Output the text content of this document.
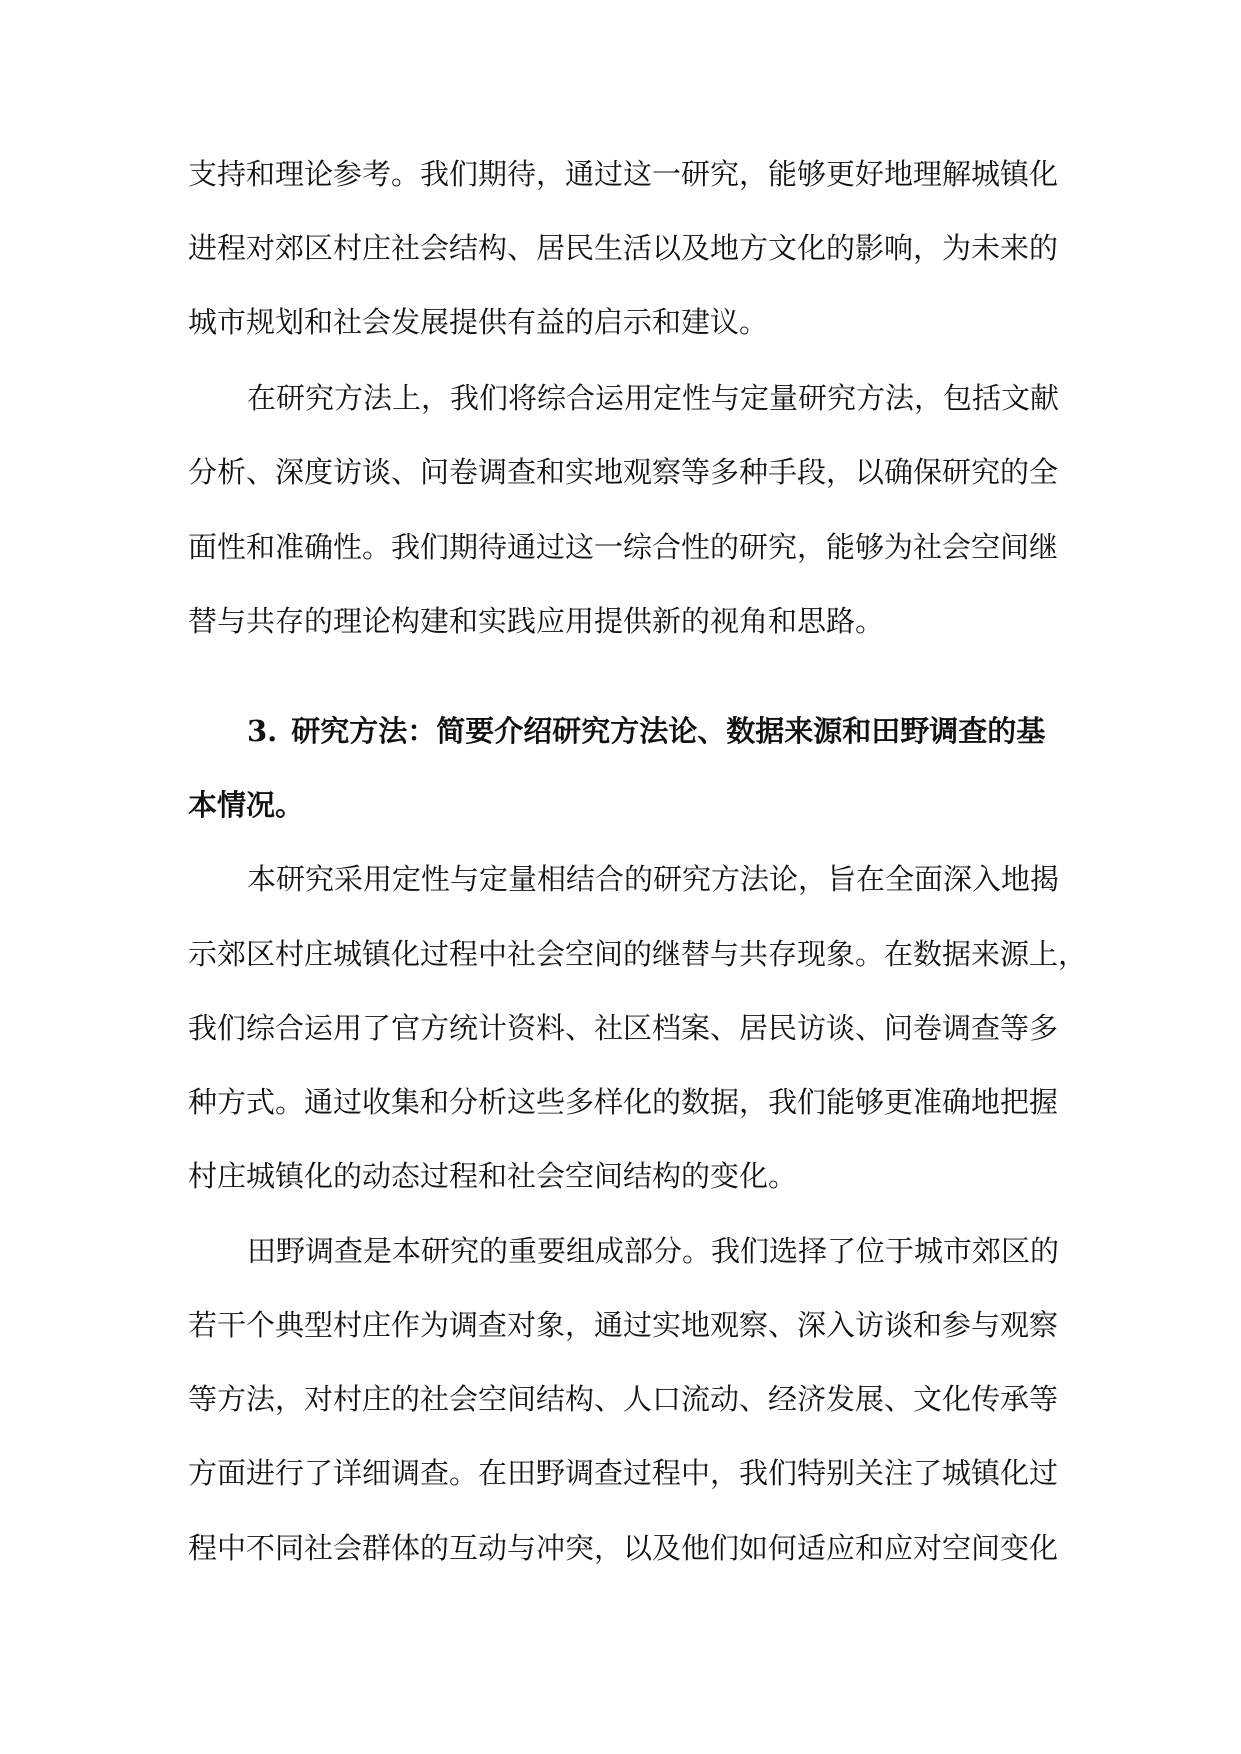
支持和理论参考。我们期待，通过这一研究，能够更好地理解城镇化
进程对郊区村庄社会结构、居民生活以及地方文化的影响，为未来的
城市规划和社会发展提供有益的启示和建议。
在研究方法上，我们将综合运用定性与定量研究方法，包括文献
分析、深度访谈、问卷调查和实地观察等多种手段，以确保研究的全
面性和准确性。我们期待通过这一综合性的研究，能够为社会空间继
替与共存的理论构建和实践应用提供新的视角和思路。
3. 研究方法：简要介绍研究方法论、数据来源和田野调查的基
本情况。
本研究采用定性与定量相结合的研究方法论，旨在全面深入地揭
示郊区村庄城镇化过程中社会空间的继替与共存现象。在数据来源上，
我们综合运用了官方统计资料、社区档案、居民访谈、问卷调查等多
种方式。通过收集和分析这些多样化的数据，我们能够更准确地把握
村庄城镇化的动态过程和社会空间结构的变化。
田野调查是本研究的重要组成部分。我们选择了位于城市郊区的
若干个典型村庄作为调查对象，通过实地观察、深入访谈和参与观察
等方法，对村庄的社会空间结构、人口流动、经济发展、文化传承等
方面进行了详细调查。在田野调查过程中，我们特别关注了城镇化过
程中不同社会群体的互动与冲突，以及他们如何适应和应对空间变化
